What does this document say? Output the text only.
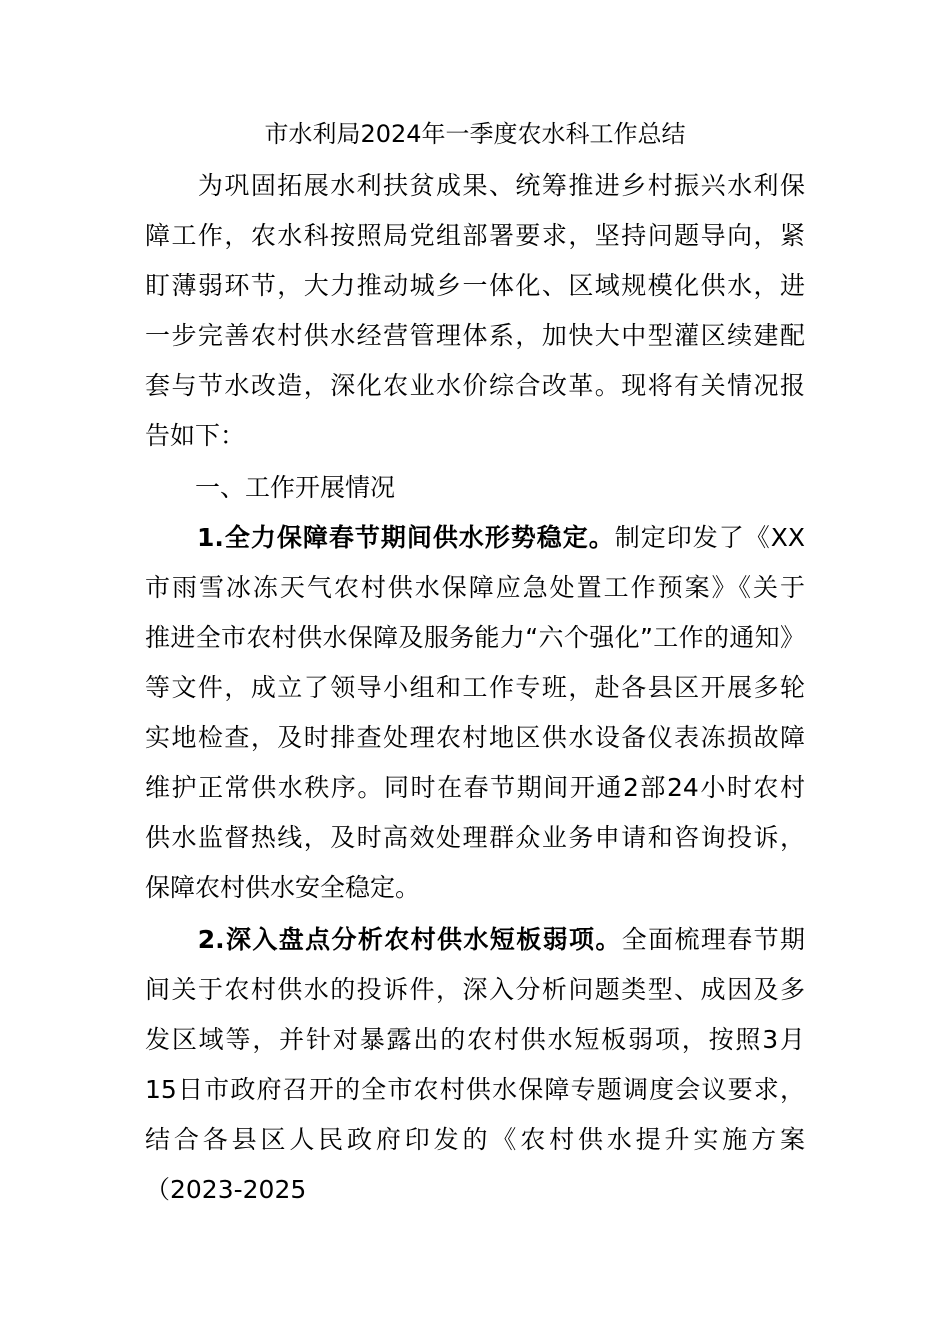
市水利局2024年一季度农水科工作总结
　　为巩固拓展水利扶贫成果、统筹推进乡村振兴水利保
障工作，农水科按照局党组部署要求，坚持问题导向，紧
盯薄弱环节，大力推动城乡一体化、区域规模化供水，进
一步完善农村供水经营管理体系，加快大中型灌区续建配
套与节水改造，深化农业水价综合改革。现将有关情况报
告如下：
　　一、工作开展情况
　　1.全力保障春节期间供水形势稳定。制定印发了《XX
市雨雪冰冻天气农村供水保障应急处置工作预案》《关于
推进全市农村供水保障及服务能力“六个强化”工作的通知》
等文件，成立了领导小组和工作专班，赴各县区开展多轮
实地检查，及时排查处理农村地区供水设备仪表冻损故障
维护正常供水秩序。同时在春节期间开通2部24小时农村
供水监督热线，及时高效处理群众业务申请和咨询投诉，
保障农村供水安全稳定。
　　2.深入盘点分析农村供水短板弱项。全面梳理春节期
间关于农村供水的投诉件，深入分析问题类型、成因及多
发区域等，并针对暴露出的农村供水短板弱项，按照3月
15日市政府召开的全市农村供水保障专题调度会议要求，
结合各县区人民政府印发的《农村供水提升实施方案
（2023-2025
